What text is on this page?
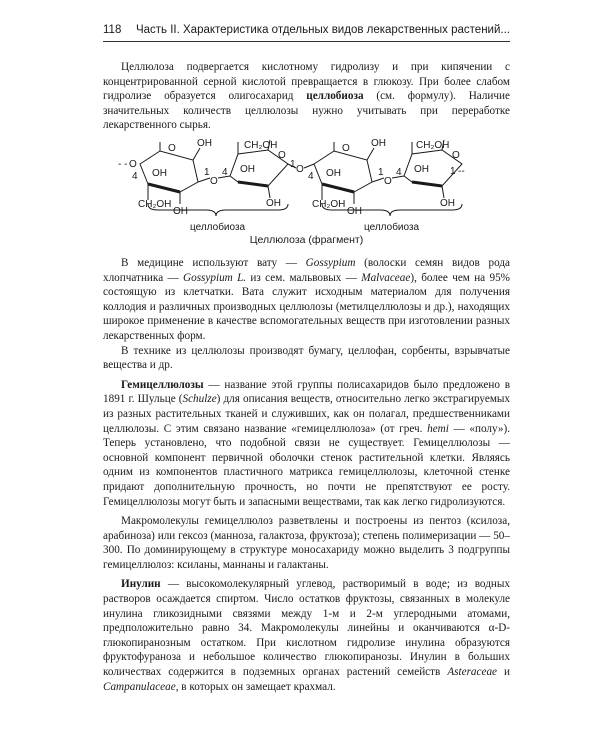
118 Часть II. Характеристика отдельных видов лекарственных растений...

Целлюлоза подвергается кислотному гидролизу и при кипячении с концентрированной серной кислотой превращается в глюкозу. При более слабом гидролизе образуется олигосахарид целлобиоза (см. формулу). Наличие значительных количеств целлюлозы нужно учитывать при переработке лекарственного сырья.

- - O
4
O OH
OH	1
O
OH
CH₂OH
4
CH₂OH
OH
OH
O
1 O
4
O OH
OH	1
O
OH
CH₂OH
4
CH₂OH
OH
OH
O
1 --
целлобиоза	целлобиоза
Целлюлоза (фрагмент)

В медицине используют вату — Gossypium (волоски семян видов рода хлопчатника — Gossypium L. из сем. мальвовых — Malvaceae), более чем на 95% состоящую из клетчатки. Вата служит исходным материалом для получения коллодия и различных производных целлюлозы (метилцеллюлозы и др.), находящих широкое применение в качестве вспомогательных веществ при изготовлении разных лекарственных форм.

В технике из целлюлозы производят бумагу, целлофан, сорбенты, взрывчатые вещества и др.

Гемицеллюлозы — название этой группы полисахаридов было предложено в 1891 г. Шульце (Schulze) для описания веществ, относительно легко экстрагируемых из разных растительных тканей и служивших, как он полагал, предшественниками целлюлозы. С этим связано название «гемицеллюлоза» (от греч. hemi — «полу»). Теперь установлено, что подобной связи не существует. Гемицеллюлозы — основной компонент первичной оболочки стенок растительной клетки. Являясь одним из компонентов пластичного матрикса гемицеллюлозы, клеточной стенке придают дополнительную прочность, но почти не препятствуют ее росту. Гемицеллюлозы могут быть и запасными веществами, так как легко гидролизуются.

Макромолекулы гемицеллюлоз разветвлены и построены из пентоз (ксилоза, арабиноза) или гексоз (манноза, галактоза, фруктоза); степень полимеризации — 50–300. По доминирующему в структуре моносахариду можно выделить 3 подгруппы гемицеллюлоз: ксиланы, маннаны и галактаны.

Инулин — высокомолекулярный углевод, растворимый в воде; из водных растворов осаждается спиртом. Число остатков фруктозы, связанных в молекуле инулина гликозидными связями между 1-м и 2-м углеродными атомами, предположительно равно 34. Макромолекулы линейны и оканчиваются α-D-глюкопиранозным остатком. При кислотном гидролизе инулина образуются фруктофураноза и небольшое количество глюкопиранозы. Инулин в больших количествах содержится в подземных органах растений семейств Asteraceae и Campanulaceae, в которых он замещает крахмал.
